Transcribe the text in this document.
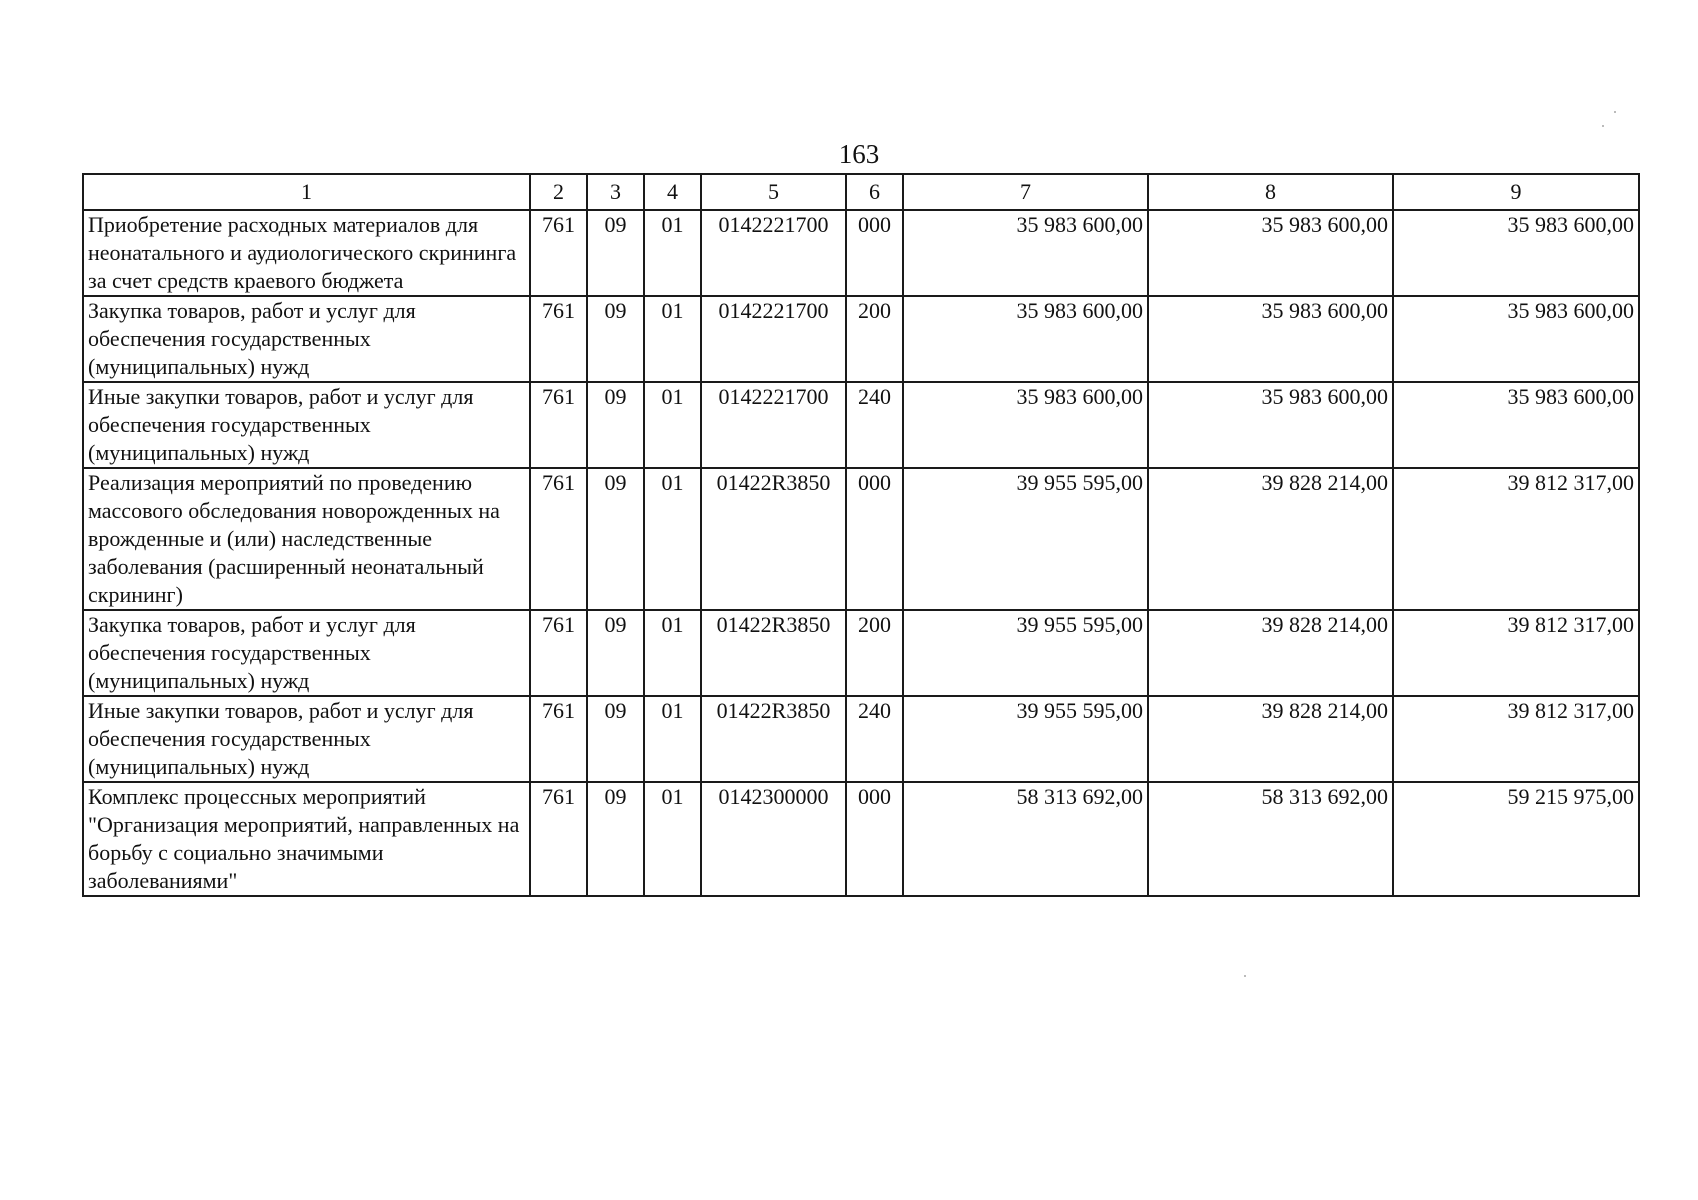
163
1	2	3	4	5	6	7	8	9
Приобретение расходных материалов для неонатального и аудиологического скрининга за счет средств краевого бюджета	761	09	01	0142221700	000	35 983 600,00	35 983 600,00	35 983 600,00
Закупка товаров, работ и услуг для обеспечения государственных (муниципальных) нужд	761	09	01	0142221700	200	35 983 600,00	35 983 600,00	35 983 600,00
Иные закупки товаров, работ и услуг для обеспечения государственных (муниципальных) нужд	761	09	01	0142221700	240	35 983 600,00	35 983 600,00	35 983 600,00
Реализация мероприятий по проведению массового обследования новорожденных на врожденные и (или) наследственные заболевания (расширенный неонатальный скрининг)	761	09	01	01422R3850	000	39 955 595,00	39 828 214,00	39 812 317,00
Закупка товаров, работ и услуг для обеспечения государственных (муниципальных) нужд	761	09	01	01422R3850	200	39 955 595,00	39 828 214,00	39 812 317,00
Иные закупки товаров, работ и услуг для обеспечения государственных (муниципальных) нужд	761	09	01	01422R3850	240	39 955 595,00	39 828 214,00	39 812 317,00
Комплекс процессных мероприятий "Организация мероприятий, направленных на борьбу с социально значимыми заболеваниями"	761	09	01	0142300000	000	58 313 692,00	58 313 692,00	59 215 975,00
